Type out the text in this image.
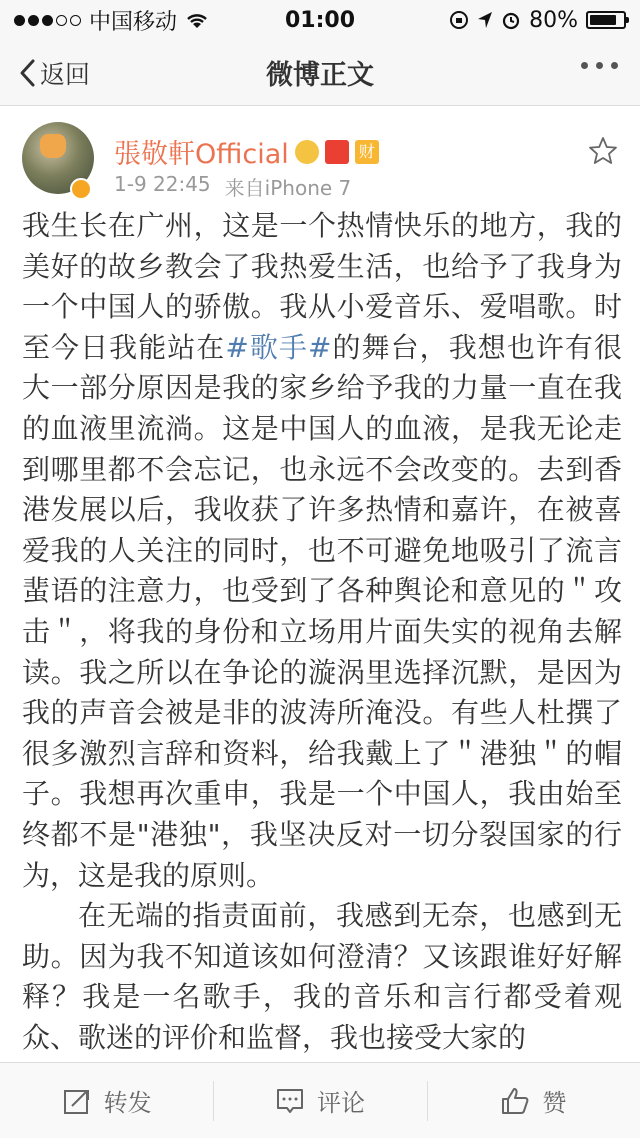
中国移动	01:00	80%
返回	微博正文
張敬軒Official	财
1-9 22:45 来自iPhone 7

我生长在广州，这是一个热情快乐的地方，我的美好的故乡教会了我热爱生活，也给予了我身为一个中国人的骄傲。我从小爱音乐、爱唱歌。时至今日我能站在#歌手#的舞台，我想也许有很大一部分原因是我的家乡给予我的力量一直在我的血液里流淌。这是中国人的血液，是我无论走到哪里都不会忘记，也永远不会改变的。去到香港发展以后，我收获了许多热情和嘉许，在被喜爱我的人关注的同时，也不可避免地吸引了流言蜚语的注意力，也受到了各种舆论和意见的＂攻击＂，将我的身份和立场用片面失实的视角去解读。我之所以在争论的漩涡里选择沉默，是因为我的声音会被是非的波涛所淹没。有些人杜撰了很多激烈言辞和资料，给我戴上了＂港独＂的帽子。我想再次重申，我是一个中国人，我由始至终都不是"港独"，我坚决反对一切分裂国家的行为，这是我的原则。

在无端的指责面前，我感到无奈，也感到无助。因为我不知道该如何澄清？又该跟谁好好解释？我是一名歌手，我的音乐和言行都受着观众、歌迷的评价和监督，我也接受大家的

转发	评论	赞
